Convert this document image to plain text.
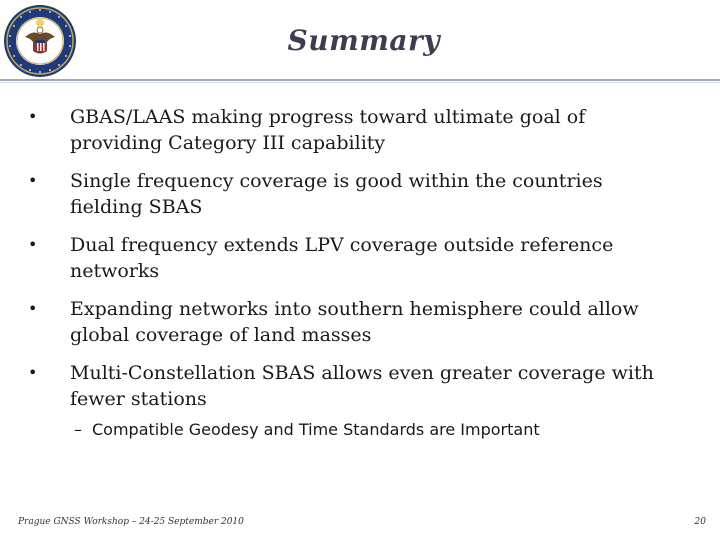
Summary
• GBAS/LAAS making progress toward ultimate goal of providing Category III capability
• Single frequency coverage is good within the countries fielding SBAS
• Dual frequency extends LPV coverage outside reference networks
• Expanding networks into southern hemisphere could allow global coverage of land masses
• Multi-Constellation SBAS allows even greater coverage with fewer stations
– Compatible Geodesy and Time Standards are Important
Prague GNSS Workshop – 24-25 September 2010	20
